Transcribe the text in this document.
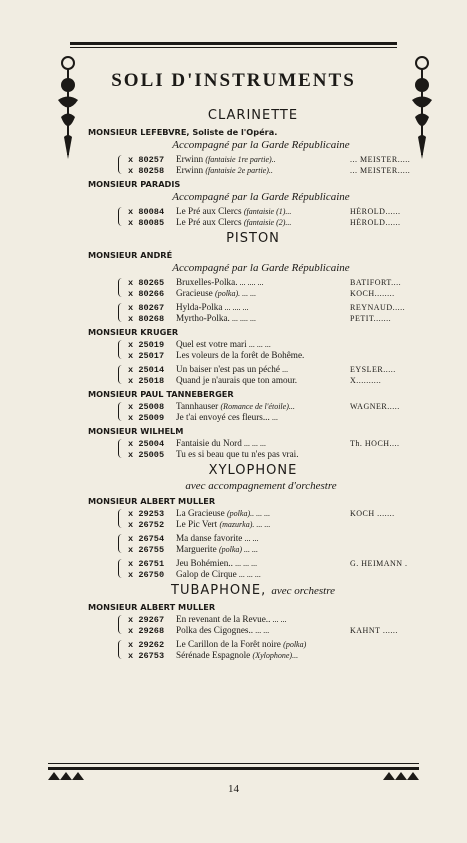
SOLI D'INSTRUMENTS
CLARINETTE
MONSIEUR LEFEBVRE, Soliste de l'Opéra.
Accompagné par la Garde Républicaine
x 80257	Erwinn (fantaisie 1re partie)..	... MEISTER.....
x 80258	Erwinn (fantaisie 2e partie)..	... MEISTER.....
MONSIEUR PARADIS
Accompagné par la Garde Républicaine
x 80084	Le Pré aux Clercs (fantaisie (1)...	HÉROLD......
x 80085	Le Pré aux Clercs (fantaisie (2)...	HÉROLD......
PISTON
MONSIEUR ANDRÉ
Accompagné par la Garde Républicaine
x 80265	Bruxelles-Polka. ... .... ...	BATIFORT....
x 80266	Gracieuse (polka). ... ...	KOCH........
x 80267	Hylda-Polka ... .... ...	REYNAUD.....
x 80268	Myrtho-Polka. ... .... ...	PETIT.......
MONSIEUR KRUGER
x 25019	Quel est votre mari ... ... ...
x 25017	Les voleurs de la forêt de Bohême.
x 25014	Un baiser n'est pas un péché ...	EYSLER.....
x 25018	Quand je n'aurais que ton amour.	X..........
MONSIEUR PAUL TANNEBERGER
x 25008	Tannhauser (Romance de l'étoile)...	WAGNER.....
x 25009	Je t'ai envoyé ces fleurs... ...
MONSIEUR WILHELM
x 25004	Fantaisie du Nord ... ... ...	Th. HOCH....
x 25005	Tu es si beau que tu n'es pas vrai.
XYLOPHONE
avec accompagnement d'orchestre
MONSIEUR ALBERT MULLER
x 29253	La Gracieuse (polka).. ... ...	KOCH .......
x 26752	Le Pic Vert (mazurka). ... ...
x 26754	Ma danse favorite ... ...
x 26755	Marguerite (polka) ... ...
x 26751	Jeu Bohémien.. ... ... ...	G. HEIMANN .
x 26750	Galop de Cirque ... ... ...
TUBAPHONE, avec orchestre
MONSIEUR ALBERT MULLER
x 29267	En revenant de la Revue.. ... ...
x 29268	Polka des Cigognes.. ... ...	KAHNT ......
x 29262	Le Carillon de la Forêt noire (polka)
x 26753	Sérénade Espagnole (Xylophone)...
14
